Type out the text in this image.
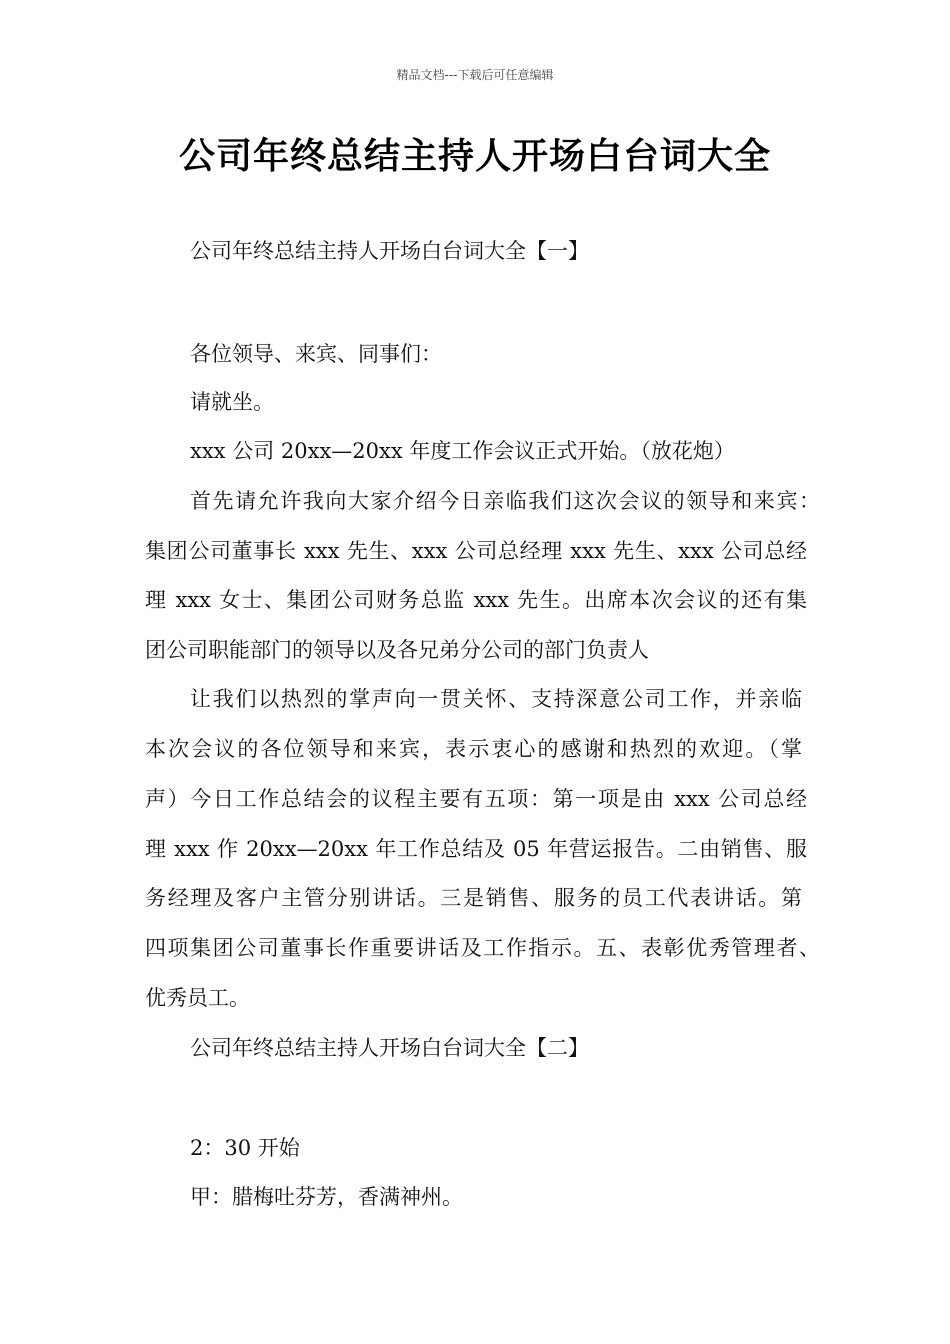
精品文档---下载后可任意编辑
公司年终总结主持人开场白台词大全
公司年终总结主持人开场白台词大全【一】
各位领导、来宾、同事们：
请就坐。
xxx 公司 20xx—20xx 年度工作会议正式开始。（放花炮）
首先请允许我向大家介绍今日亲临我们这次会议的领导和来宾：
集团公司董事长 xxx 先生、xxx 公司总经理 xxx 先生、xxx 公司总经
理 xxx 女士、集团公司财务总监 xxx 先生。出席本次会议的还有集
团公司职能部门的领导以及各兄弟分公司的部门负责人
让我们以热烈的掌声向一贯关怀、支持深意公司工作，并亲临
本次会议的各位领导和来宾，表示衷心的感谢和热烈的欢迎。（掌
声）今日工作总结会的议程主要有五项：第一项是由 xxx 公司总经
理 xxx 作 20xx—20xx 年工作总结及 05 年营运报告。二由销售、服
务经理及客户主管分别讲话。三是销售、服务的员工代表讲话。第
四项集团公司董事长作重要讲话及工作指示。五、表彰优秀管理者、
优秀员工。
公司年终总结主持人开场白台词大全【二】
2：30 开始
甲：腊梅吐芬芳，香满神州。
